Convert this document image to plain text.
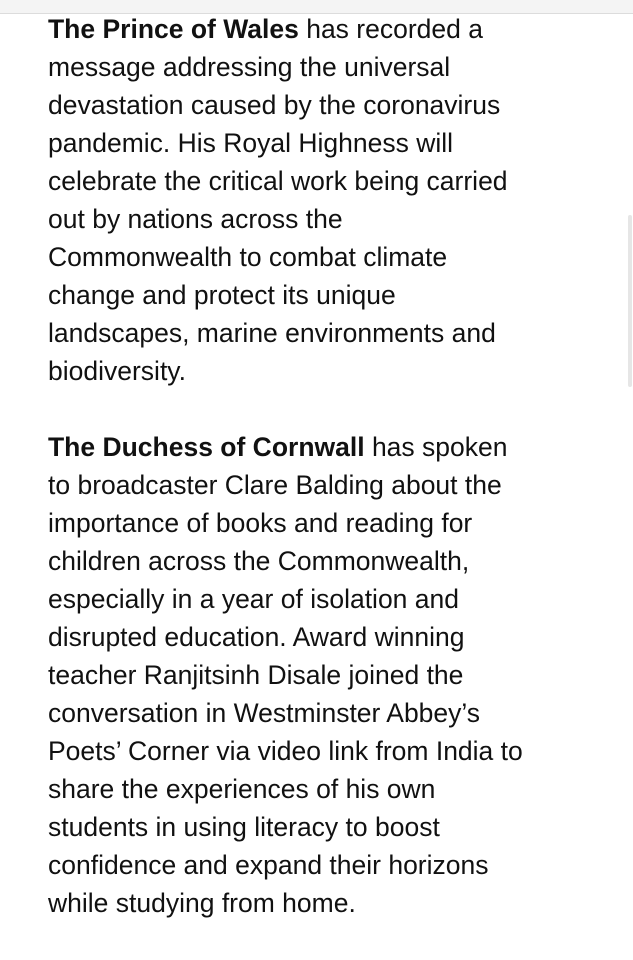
The Prince of Wales has recorded a
message addressing the universal
devastation caused by the coronavirus
pandemic. His Royal Highness will
celebrate the critical work being carried
out by nations across the
Commonwealth to combat climate
change and protect its unique
landscapes, marine environments and
biodiversity.

The Duchess of Cornwall has spoken
to broadcaster Clare Balding about the
importance of books and reading for
children across the Commonwealth,
especially in a year of isolation and
disrupted education. Award winning
teacher Ranjitsinh Disale joined the
conversation in Westminster Abbey’s
Poets’ Corner via video link from India to
share the experiences of his own
students in using literacy to boost
confidence and expand their horizons
while studying from home.
